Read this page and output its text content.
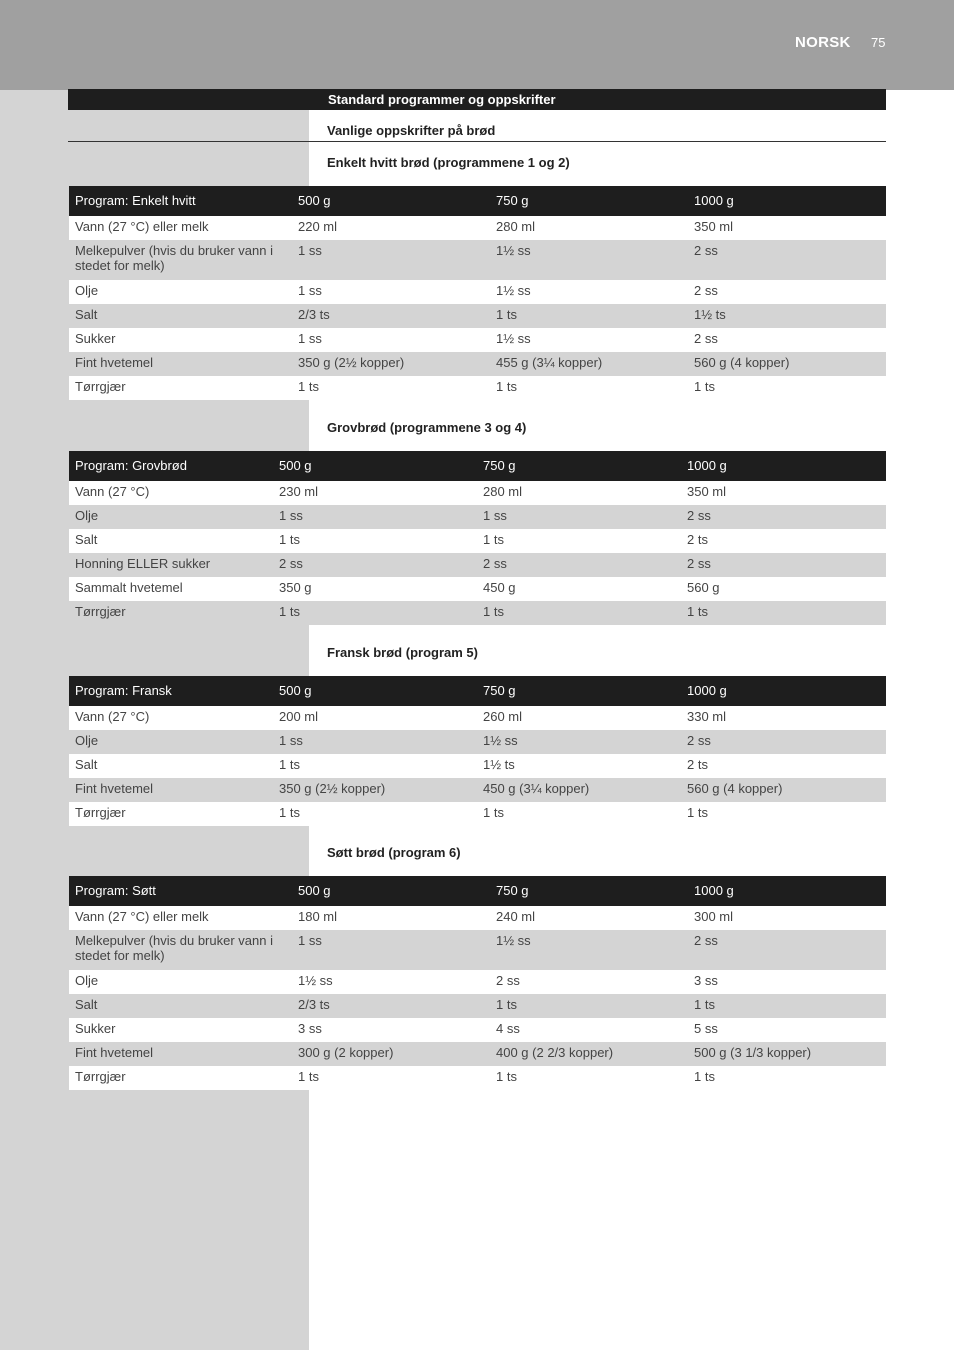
NORSK 75
Standard programmer og oppskrifter
Vanlige oppskrifter på brød
Enkelt hvitt brød (programmene 1 og 2)
Program: Enkelt hvitt	500 g	750 g	1000 g
Vann (27 °C) eller melk	220 ml	280 ml	350 ml
Melkepulver (hvis du bruker vann i stedet for melk)	1 ss	1½ ss	2 ss
Olje	1 ss	1½ ss	2 ss
Salt	2/3 ts	1 ts	1½ ts
Sukker	1 ss	1½ ss	2 ss
Fint hvetemel	350 g (2½ kopper)	455 g (3¼ kopper)	560 g (4 kopper)
Tørrgjær	1 ts	1 ts	1 ts
Grovbrød (programmene 3 og 4)
Program: Grovbrød	500 g	750 g	1000 g
Vann (27 °C)	230 ml	280 ml	350 ml
Olje	1 ss	1 ss	2 ss
Salt	1 ts	1 ts	2 ts
Honning ELLER sukker	2 ss	2 ss	2 ss
Sammalt hvetemel	350 g	450 g	560 g
Tørrgjær	1 ts	1 ts	1 ts
Fransk brød (program 5)
Program: Fransk	500 g	750 g	1000 g
Vann (27 °C)	200 ml	260 ml	330 ml
Olje	1 ss	1½ ss	2 ss
Salt	1 ts	1½ ts	2 ts
Fint hvetemel	350 g (2½ kopper)	450 g (3¼ kopper)	560 g (4 kopper)
Tørrgjær	1 ts	1 ts	1 ts
Søtt brød (program 6)
Program: Søtt	500 g	750 g	1000 g
Vann (27 °C) eller melk	180 ml	240 ml	300 ml
Melkepulver (hvis du bruker vann i stedet for melk)	1 ss	1½ ss	2 ss
Olje	1½ ss	2 ss	3 ss
Salt	2/3 ts	1 ts	1 ts
Sukker	3 ss	4 ss	5 ss
Fint hvetemel	300 g (2 kopper)	400 g (2 2/3 kopper)	500 g (3 1/3 kopper)
Tørrgjær	1 ts	1 ts	1 ts
